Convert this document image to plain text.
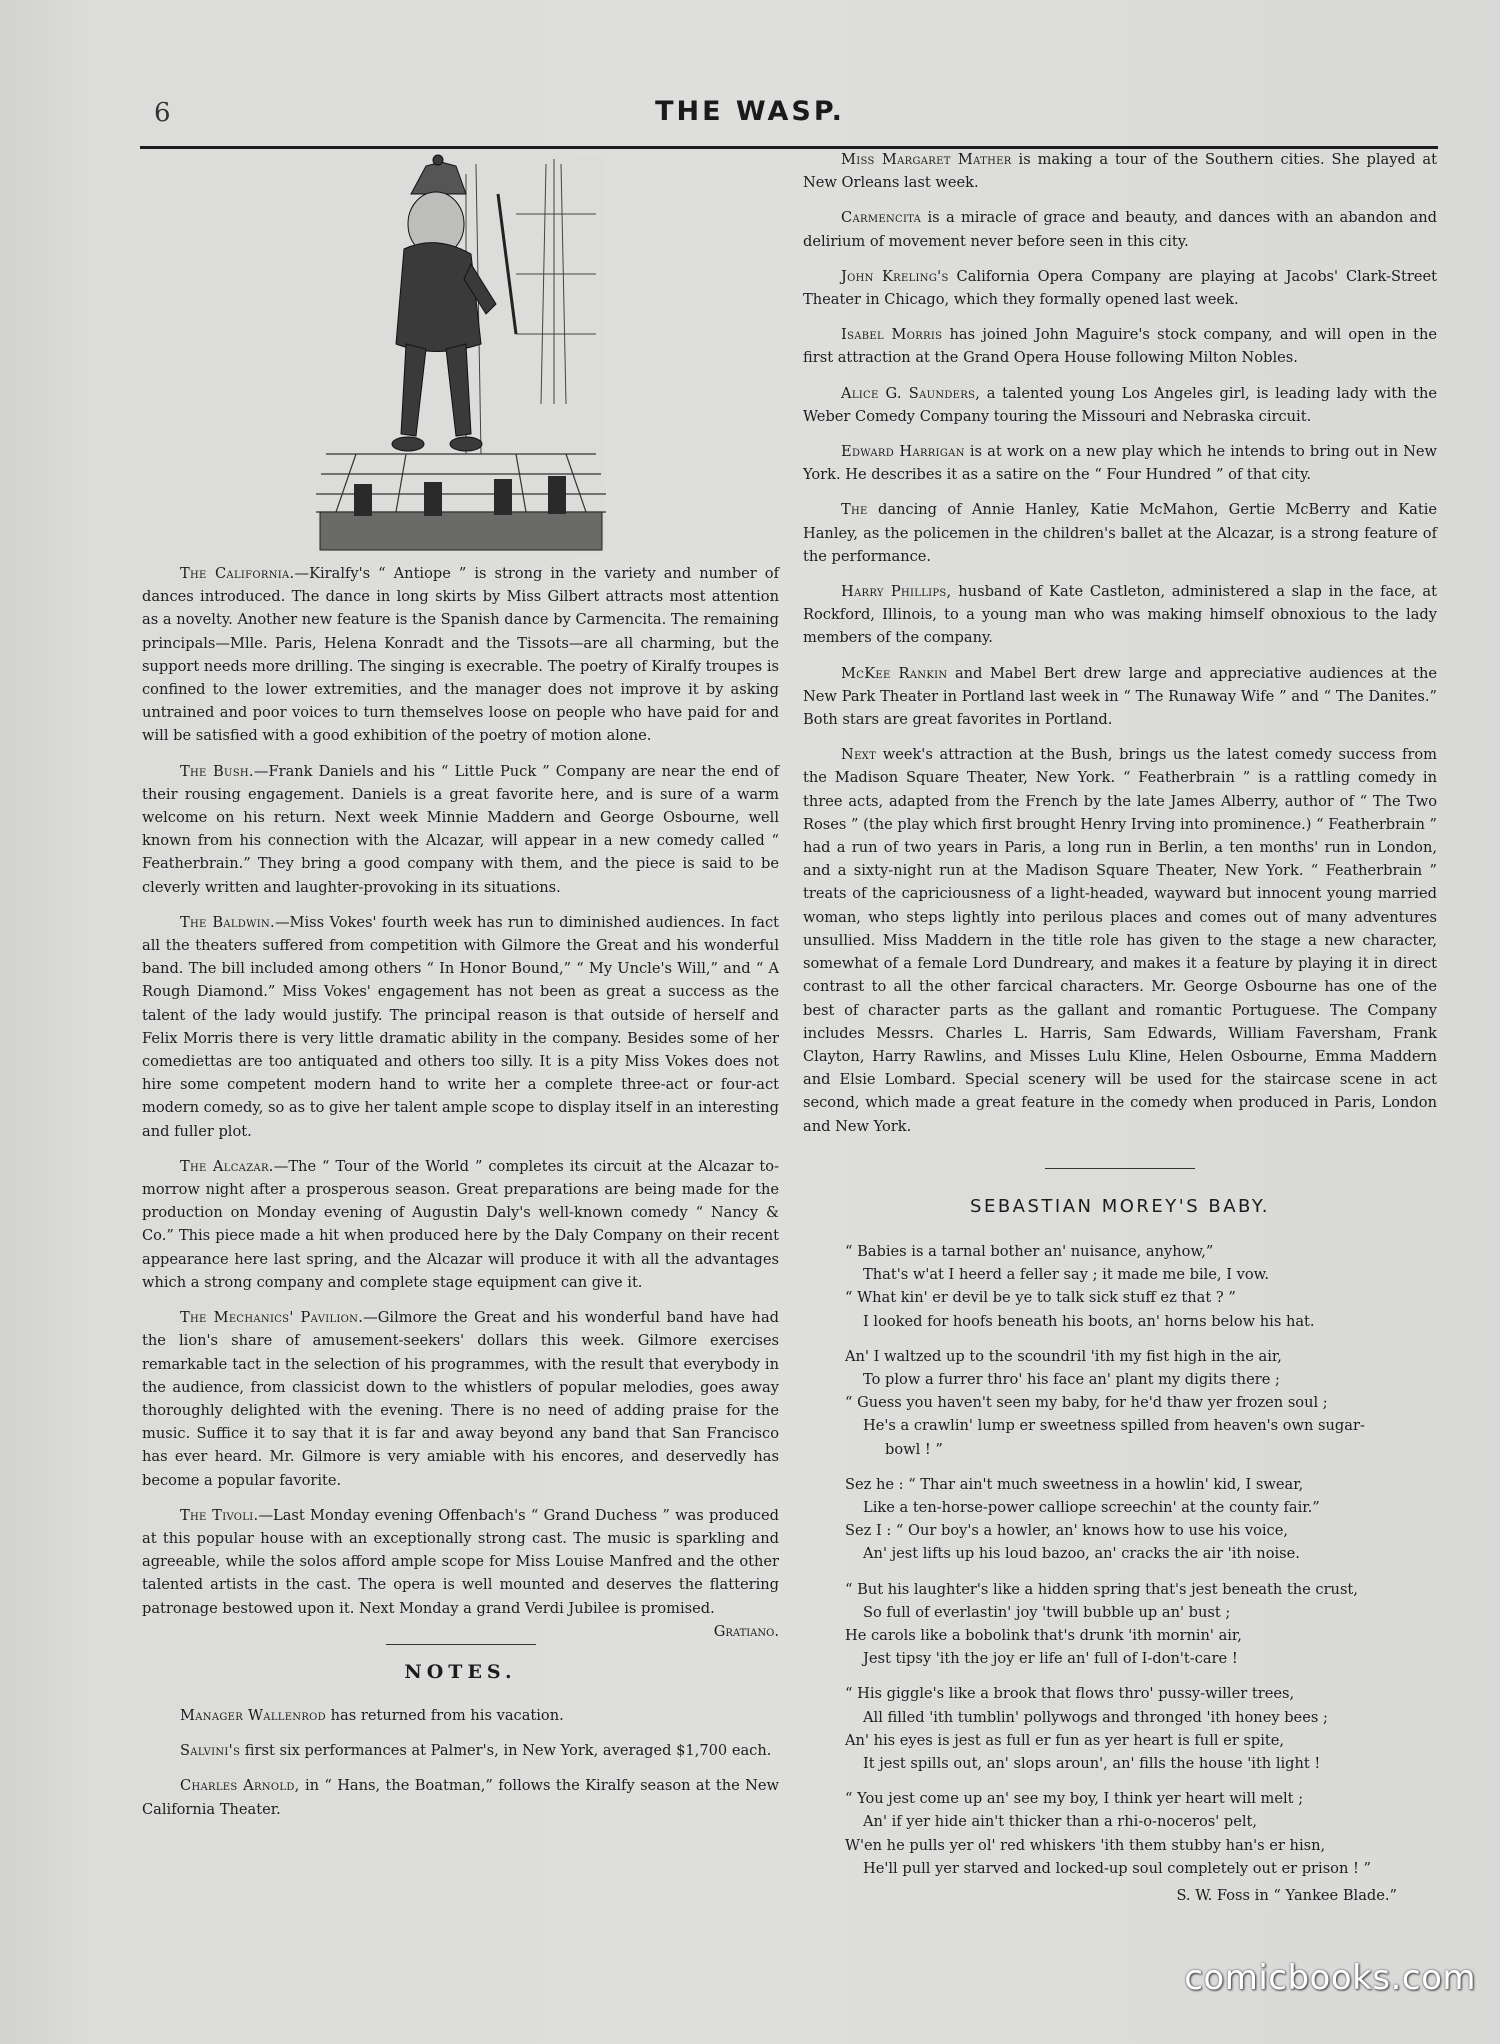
6	THE WASP.

The California.—Kiralfy's “ Antiope ” is strong in the variety and number of dances introduced. The dance in long skirts by Miss Gilbert attracts most attention as a novelty. Another new feature is the Spanish dance by Carmencita. The remaining principals—Mlle. Paris, Helena Konradt and the Tissots—are all charming, but the support needs more drilling. The singing is execrable. The poetry of Kiralfy troupes is confined to the lower extremities, and the manager does not improve it by asking untrained and poor voices to turn themselves loose on people who have paid for and will be satisfied with a good exhibition of the poetry of motion alone.

The Bush.—Frank Daniels and his “ Little Puck ” Company are near the end of their rousing engagement. Daniels is a great favorite here, and is sure of a warm welcome on his return. Next week Minnie Maddern and George Osbourne, well known from his connection with the Alcazar, will appear in a new comedy called “ Featherbrain.” They bring a good company with them, and the piece is said to be cleverly written and laughter-provoking in its situations.

The Baldwin.—Miss Vokes' fourth week has run to diminished audiences. In fact all the theaters suffered from competition with Gilmore the Great and his wonderful band. The bill included among others “ In Honor Bound,” “ My Uncle's Will,” and “ A Rough Diamond.” Miss Vokes' engagement has not been as great a success as the talent of the lady would justify. The principal reason is that outside of herself and Felix Morris there is very little dramatic ability in the company. Besides some of her comediettas are too antiquated and others too silly. It is a pity Miss Vokes does not hire some competent modern hand to write her a complete three-act or four-act modern comedy, so as to give her talent ample scope to display itself in an interesting and fuller plot.

The Alcazar.—The “ Tour of the World ” completes its circuit at the Alcazar to-morrow night after a prosperous season. Great preparations are being made for the production on Monday evening of Augustin Daly's well-known comedy “ Nancy & Co.” This piece made a hit when produced here by the Daly Company on their recent appearance here last spring, and the Alcazar will produce it with all the advantages which a strong company and complete stage equipment can give it.

The Mechanics' Pavilion.—Gilmore the Great and his wonderful band have had the lion's share of amusement-seekers' dollars this week. Gilmore exercises remarkable tact in the selection of his programmes, with the result that everybody in the audience, from classicist down to the whistlers of popular melodies, goes away thoroughly delighted with the evening. There is no need of adding praise for the music. Suffice it to say that it is far and away beyond any band that San Francisco has ever heard. Mr. Gilmore is very amiable with his encores, and deservedly has become a popular favorite.

The Tivoli.—Last Monday evening Offenbach's “ Grand Duchess ” was produced at this popular house with an exceptionally strong cast. The music is sparkling and agreeable, while the solos afford ample scope for Miss Louise Manfred and the other talented artists in the cast. The opera is well mounted and deserves the flattering patronage bestowed upon it. Next Monday a grand Verdi Jubilee is promised.
Gratiano.

NOTES.

Manager Wallenrod has returned from his vacation.

Salvini's first six performances at Palmer's, in New York, averaged $1,700 each.

Charles Arnold, in “ Hans, the Boatman,” follows the Kiralfy season at the New California Theater.

Miss Margaret Mather is making a tour of the Southern cities. She played at New Orleans last week.

Carmencita is a miracle of grace and beauty, and dances with an abandon and delirium of movement never before seen in this city.

John Kreling's California Opera Company are playing at Jacobs' Clark-Street Theater in Chicago, which they formally opened last week.

Isabel Morris has joined John Maguire's stock company, and will open in the first attraction at the Grand Opera House following Milton Nobles.

Alice G. Saunders, a talented young Los Angeles girl, is leading lady with the Weber Comedy Company touring the Missouri and Nebraska circuit.

Edward Harrigan is at work on a new play which he intends to bring out in New York. He describes it as a satire on the “ Four Hundred ” of that city.

The dancing of Annie Hanley, Katie McMahon, Gertie McBerry and Katie Hanley, as the policemen in the children's ballet at the Alcazar, is a strong feature of the performance.

Harry Phillips, husband of Kate Castleton, administered a slap in the face, at Rockford, Illinois, to a young man who was making himself obnoxious to the lady members of the company.

McKee Rankin and Mabel Bert drew large and appreciative audiences at the New Park Theater in Portland last week in “ The Runaway Wife ” and “ The Danites.” Both stars are great favorites in Portland.

Next week's attraction at the Bush, brings us the latest comedy success from the Madison Square Theater, New York. “ Featherbrain ” is a rattling comedy in three acts, adapted from the French by the late James Alberry, author of “ The Two Roses ” (the play which first brought Henry Irving into prominence.) “ Featherbrain ” had a run of two years in Paris, a long run in Berlin, a ten months' run in London, and a sixty-night run at the Madison Square Theater, New York. “ Featherbrain ” treats of the capriciousness of a light-headed, wayward but innocent young married woman, who steps lightly into perilous places and comes out of many adventures unsullied. Miss Maddern in the title role has given to the stage a new character, somewhat of a female Lord Dundreary, and makes it a feature by playing it in direct contrast to all the other farcical characters. Mr. George Osbourne has one of the best of character parts as the gallant and romantic Portuguese. The Company includes Messrs. Charles L. Harris, Sam Edwards, William Faversham, Frank Clayton, Harry Rawlins, and Misses Lulu Kline, Helen Osbourne, Emma Maddern and Elsie Lombard. Special scenery will be used for the staircase scene in act second, which made a great feature in the comedy when produced in Paris, London and New York.

SEBASTIAN MOREY'S BABY.
“ Babies is a tarnal bother an' nuisance, anyhow,”
That's w'at I heerd a feller say ; it made me bile, I vow.
“ What kin' er devil be ye to talk sick stuff ez that ? ”
I looked for hoofs beneath his boots, an' horns below his hat.
An' I waltzed up to the scoundril 'ith my fist high in the air,
To plow a furrer thro' his face an' plant my digits there ;
“ Guess you haven't seen my baby, for he'd thaw yer frozen soul ;
He's a crawlin' lump er sweetness spilled from heaven's own sugar-
bowl ! ”
Sez he : “ Thar ain't much sweetness in a howlin' kid, I swear,
Like a ten-horse-power calliope screechin' at the county fair.”
Sez I : “ Our boy's a howler, an' knows how to use his voice,
An' jest lifts up his loud bazoo, an' cracks the air 'ith noise.
“ But his laughter's like a hidden spring that's jest beneath the crust,
So full of everlastin' joy 'twill bubble up an' bust ;
He carols like a bobolink that's drunk 'ith mornin' air,
Jest tipsy 'ith the joy er life an' full of I-don't-care !
“ His giggle's like a brook that flows thro' pussy-willer trees,
All filled 'ith tumblin' pollywogs and thronged 'ith honey bees ;
An' his eyes is jest as full er fun as yer heart is full er spite,
It jest spills out, an' slops aroun', an' fills the house 'ith light !
“ You jest come up an' see my boy, I think yer heart will melt ;
An' if yer hide ain't thicker than a rhi-o-noceros' pelt,
W'en he pulls yer ol' red whiskers 'ith them stubby han's er hisn,
He'll pull yer starved and locked-up soul completely out er prison ! ”
S. W. Foss in “ Yankee Blade.”
comicbooks.com
